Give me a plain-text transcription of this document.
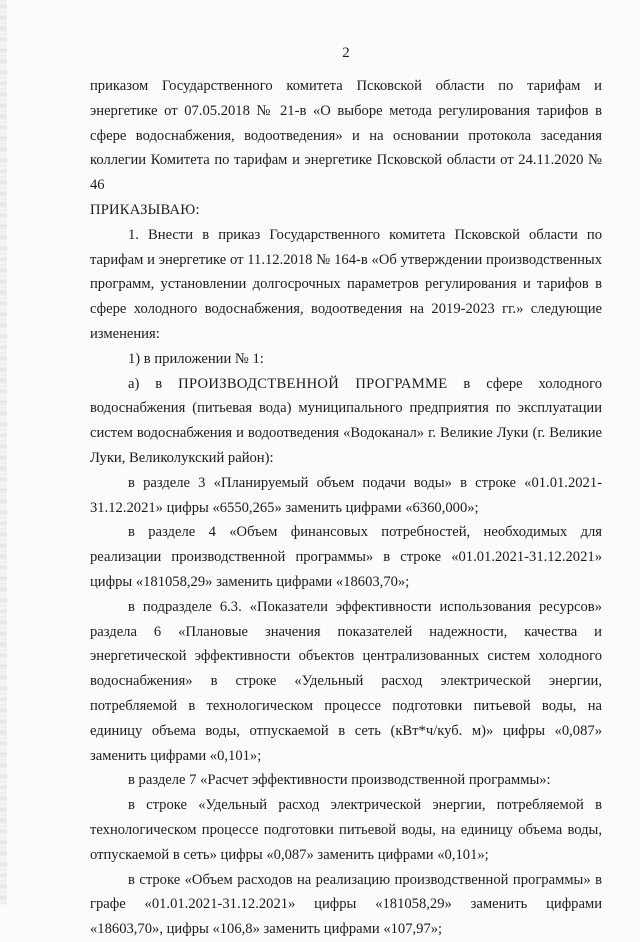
2

приказом Государственного комитета Псковской области по тарифам и энергетике от 07.05.2018 № 21-в «О выборе метода регулирования тарифов в сфере водоснабжения, водоотведения» и на основании протокола заседания коллегии Комитета по тарифам и энергетике Псковской области от 24.11.2020 № 46

ПРИКАЗЫВАЮ:

1. Внести в приказ Государственного комитета Псковской области по тарифам и энергетике от 11.12.2018 № 164-в «Об утверждении производственных программ, установлении долгосрочных параметров регулирования и тарифов в сфере холодного водоснабжения, водоотведения на 2019-2023 гг.» следующие изменения:

1) в приложении № 1:

а) в ПРОИЗВОДСТВЕННОЙ ПРОГРАММЕ в сфере холодного водоснабжения (питьевая вода) муниципального предприятия по эксплуатации систем водоснабжения и водоотведения «Водоканал» г. Великие Луки (г. Великие Луки, Великолукский район):

в разделе 3 «Планируемый объем подачи воды» в строке «01.01.2021-31.12.2021» цифры «6550,265» заменить цифрами «6360,000»;

в разделе 4 «Объем финансовых потребностей, необходимых для реализации производственной программы» в строке «01.01.2021-31.12.2021» цифры «181058,29» заменить цифрами «18603,70»;

в подразделе 6.3. «Показатели эффективности использования ресурсов» раздела 6 «Плановые значения показателей надежности, качества и энергетической эффективности объектов централизованных систем холодного водоснабжения» в строке «Удельный расход электрической энергии, потребляемой в технологическом процессе подготовки питьевой воды, на единицу объема воды, отпускаемой в сеть (кВт*ч/куб. м)» цифры «0,087» заменить цифрами «0,101»;

в разделе 7 «Расчет эффективности производственной программы»:

в строке «Удельный расход электрической энергии, потребляемой в технологическом процессе подготовки питьевой воды, на единицу объема воды, отпускаемой в сеть» цифры «0,087» заменить цифрами «0,101»;

в строке «Объем расходов на реализацию производственной программы» в графе «01.01.2021-31.12.2021» цифры «181058,29» заменить цифрами «18603,70», цифры «106,8» заменить цифрами «107,97»;
